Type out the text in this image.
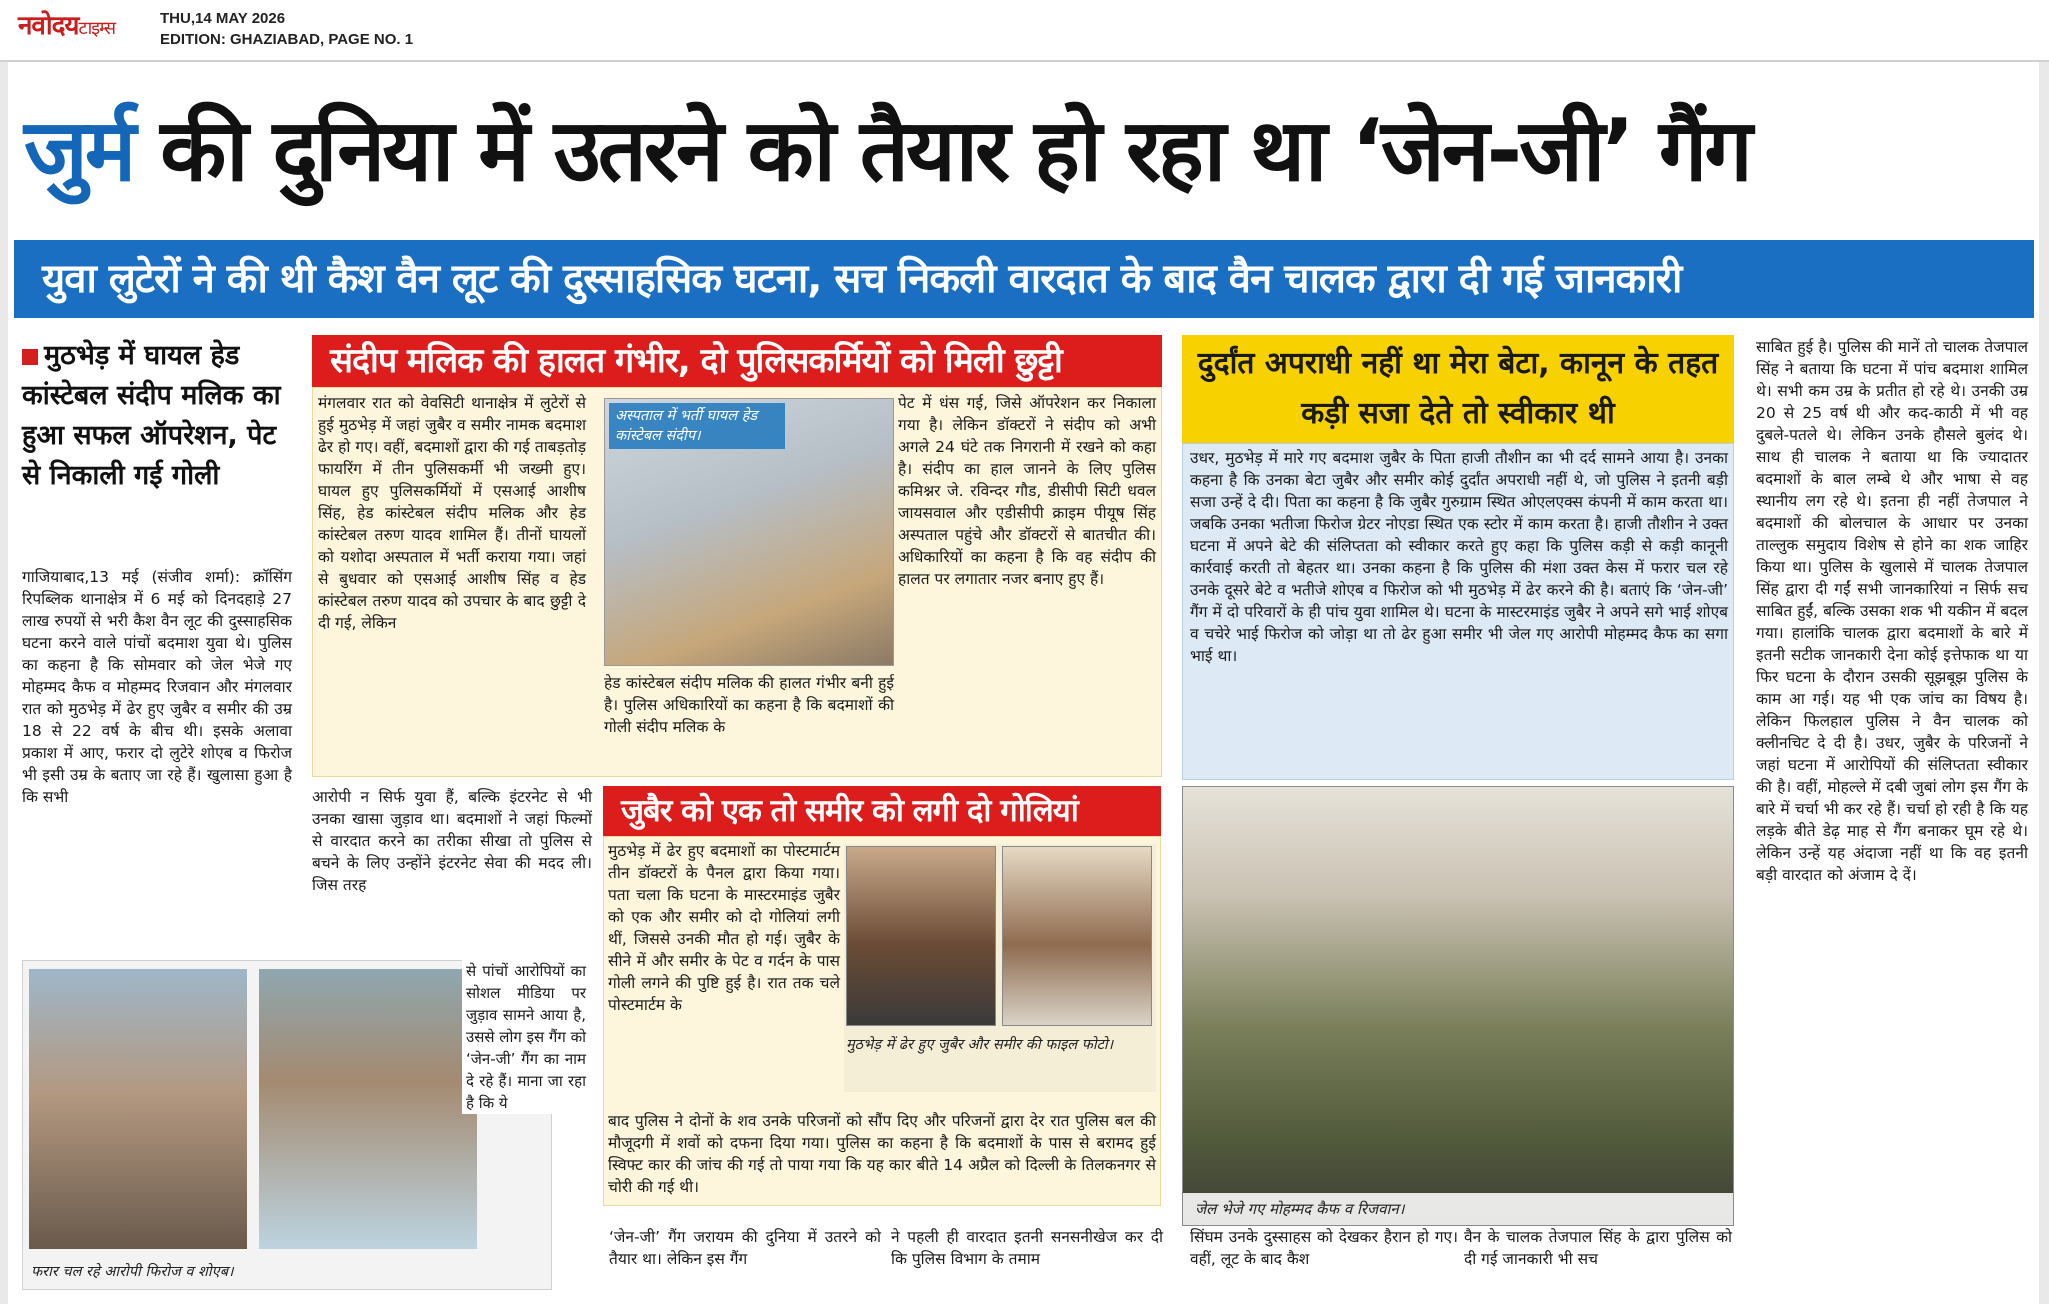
नवोदयटाइम्स	THU,14 MAY 2026
EDITION: GHAZIABAD, PAGE NO. 1
जुर्म की दुनिया में उतरने को तैयार हो रहा था ‘जेन-जी’ गैंग
युवा लुटेरों ने की थी कैश वैन लूट की दुस्साहसिक घटना, सच निकली वारदात के बाद वैन चालक द्वारा दी गई जानकारी
मुठभेड़ में घायल हेड कांस्टेबल संदीप मलिक का हुआ सफल ऑपरेशन, पेट से निकाली गई गोली
गाजियाबाद,13 मई (संजीव शर्मा): क्रॉसिंग रिपब्लिक थानाक्षेत्र में 6 मई को दिनदहाड़े 27 लाख रुपयों से भरी कैश वैन लूट की दुस्साहसिक घटना करने वाले पांचों बदमाश युवा थे। पुलिस का कहना है कि सोमवार को जेल भेजे गए मोहम्मद कैफ व मोहम्मद रिजवान और मंगलवार रात को मुठभेड़ में ढेर हुए जुबैर व समीर की उम्र 18 से 22 वर्ष के बीच थी। इसके अलावा प्रकाश में आए, फरार दो लुटेरे शोएब व फिरोज भी इसी उम्र के बताए जा रहे हैं। खुलासा हुआ है कि सभी
फरार चल रहे आरोपी फिरोज व शोएब।
संदीप मलिक की हालत गंभीर, दो पुलिसकर्मियों को मिली छुट्टी
मंगलवार रात को वेवसिटी थानाक्षेत्र में लुटेरों से हुई मुठभेड़ में जहां जुबैर व समीर नामक बदमाश ढेर हो गए। वहीं, बदमाशों द्वारा की गई ताबड़तोड़ फायरिंग में तीन पुलिसकर्मी भी जख्मी हुए। घायल हुए पुलिसकर्मियों में एसआई आशीष सिंह, हेड कांस्टेबल संदीप मलिक और हेड कांस्टेबल तरुण यादव शामिल हैं। तीनों घायलों को यशोदा अस्पताल में भर्ती कराया गया। जहां से बुधवार को एसआई आशीष सिंह व हेड कांस्टेबल तरुण यादव को उपचार के बाद छुट्टी दे दी गई, लेकिन
अस्पताल में भर्ती घायल हेड कांस्टेबल संदीप।
हेड कांस्टेबल संदीप मलिक की हालत गंभीर बनी हुई है। पुलिस अधिकारियों का कहना है कि बदमाशों की गोली संदीप मलिक के
पेट में धंस गई, जिसे ऑपरेशन कर निकाला गया है। लेकिन डॉक्टरों ने संदीप को अभी अगले 24 घंटे तक निगरानी में रखने को कहा है। संदीप का हाल जानने के लिए पुलिस कमिश्नर जे. रविन्दर गौड, डीसीपी सिटी धवल जायसवाल और एडीसीपी क्राइम पीयूष सिंह अस्पताल पहुंचे और डॉक्टरों से बातचीत की। अधिकारियों का कहना है कि वह संदीप की हालत पर लगातार नजर बनाए हुए हैं।
आरोपी न सिर्फ युवा हैं, बल्कि इंटरनेट से भी उनका खासा जुड़ाव था। बदमाशों ने जहां फिल्मों से वारदात करने का तरीका सीखा तो पुलिस से बचने के लिए उन्होंने इंटरनेट सेवा की मदद ली। जिस तरह
जुबैर को एक तो समीर को लगी दो गोलियां
मुठभेड़ में ढेर हुए बदमाशों का पोस्टमार्टम तीन डॉक्टरों के पैनल द्वारा किया गया। पता चला कि घटना के मास्टरमाइंड जुबैर को एक और समीर को दो गोलियां लगी थीं, जिससे उनकी मौत हो गई। जुबैर के सीने में और समीर के पेट व गर्दन के पास गोली लगने की पुष्टि हुई है। रात तक चले पोस्टमार्टम के
मुठभेड़ में ढेर हुए जुबैर और समीर की फाइल फोटो।
बाद पुलिस ने दोनों के शव उनके परिजनों को सौंप दिए और परिजनों द्वारा देर रात पुलिस बल की मौजूदगी में शवों को दफना दिया गया। पुलिस का कहना है कि बदमाशों के पास से बरामद हुई स्विफ्ट कार की जांच की गई तो पाया गया कि यह कार बीते 14 अप्रैल को दिल्ली के तिलकनगर से चोरी की गई थी।
‘जेन-जी’ गैंग जरायम की दुनिया में उतरने को तैयार था। लेकिन इस गैंग
ने पहली ही वारदात इतनी सनसनीखेज कर दी कि पुलिस विभाग के तमाम
से पांचों आरोपियों का सोशल मीडिया पर जुड़ाव सामने आया है, उससे लोग इस गैंग को ‘जेन-जी’ गैंग का नाम दे रहे हैं। माना जा रहा है कि ये
दुर्दांत अपराधी नहीं था मेरा बेटा, कानून के तहत कड़ी सजा देते तो स्वीकार थी
उधर, मुठभेड़ में मारे गए बदमाश जुबैर के पिता हाजी तौशीन का भी दर्द सामने आया है। उनका कहना है कि उनका बेटा जुबैर और समीर कोई दुर्दांत अपराधी नहीं थे, जो पुलिस ने इतनी बड़ी सजा उन्हें दे दी। पिता का कहना है कि जुबैर गुरुग्राम स्थित ओएलएक्स कंपनी में काम करता था। जबकि उनका भतीजा फिरोज ग्रेटर नोएडा स्थित एक स्टोर में काम करता है। हाजी तौशीन ने उक्त घटना में अपने बेटे की संलिप्तता को स्वीकार करते हुए कहा कि पुलिस कड़ी से कड़ी कानूनी कार्रवाई करती तो बेहतर था। उनका कहना है कि पुलिस की मंशा उक्त केस में फरार चल रहे उनके दूसरे बेटे व भतीजे शोएब व फिरोज को भी मुठभेड़ में ढेर करने की है। बताएं कि ‘जेन-जी’ गैंग में दो परिवारों के ही पांच युवा शामिल थे। घटना के मास्टरमाइंड जुबैर ने अपने सगे भाई शोएब व चचेरे भाई फिरोज को जोड़ा था तो ढेर हुआ समीर भी जेल गए आरोपी मोहम्मद कैफ का सगा भाई था।
जेल भेजे गए मोहम्मद कैफ व रिजवान।
सिंघम उनके दुस्साहस को देखकर हैरान हो गए। वहीं, लूट के बाद कैश
वैन के चालक तेजपाल सिंह के द्वारा पुलिस को दी गई जानकारी भी सच
साबित हुई है। पुलिस की मानें तो चालक तेजपाल सिंह ने बताया कि घटना में पांच बदमाश शामिल थे। सभी कम उम्र के प्रतीत हो रहे थे। उनकी उम्र 20 से 25 वर्ष थी और कद-काठी में भी वह दुबले-पतले थे। लेकिन उनके हौसले बुलंद थे। साथ ही चालक ने बताया था कि ज्यादातर बदमाशों के बाल लम्बे थे और भाषा से वह स्थानीय लग रहे थे। इतना ही नहीं तेजपाल ने बदमाशों की बोलचाल के आधार पर उनका ताल्लुक समुदाय विशेष से होने का शक जाहिर किया था। पुलिस के खुलासे में चालक तेजपाल सिंह द्वारा दी गईं सभी जानकारियां न सिर्फ सच साबित हुईं, बल्कि उसका शक भी यकीन में बदल गया। हालांकि चालक द्वारा बदमाशों के बारे में इतनी सटीक जानकारी देना कोई इत्तेफाक था या फिर घटना के दौरान उसकी सूझबूझ पुलिस के काम आ गई। यह भी एक जांच का विषय है। लेकिन फिलहाल पुलिस ने वैन चालक को क्लीनचिट दे दी है। उधर, जुबैर के परिजनों ने जहां घटना में आरोपियों की संलिप्तता स्वीकार की है। वहीं, मोहल्ले में दबी जुबां लोग इस गैंग के बारे में चर्चा भी कर रहे हैं। चर्चा हो रही है कि यह लड़के बीते डेढ़ माह से गैंग बनाकर घूम रहे थे। लेकिन उन्हें यह अंदाजा नहीं था कि वह इतनी बड़ी वारदात को अंजाम दे दें।
